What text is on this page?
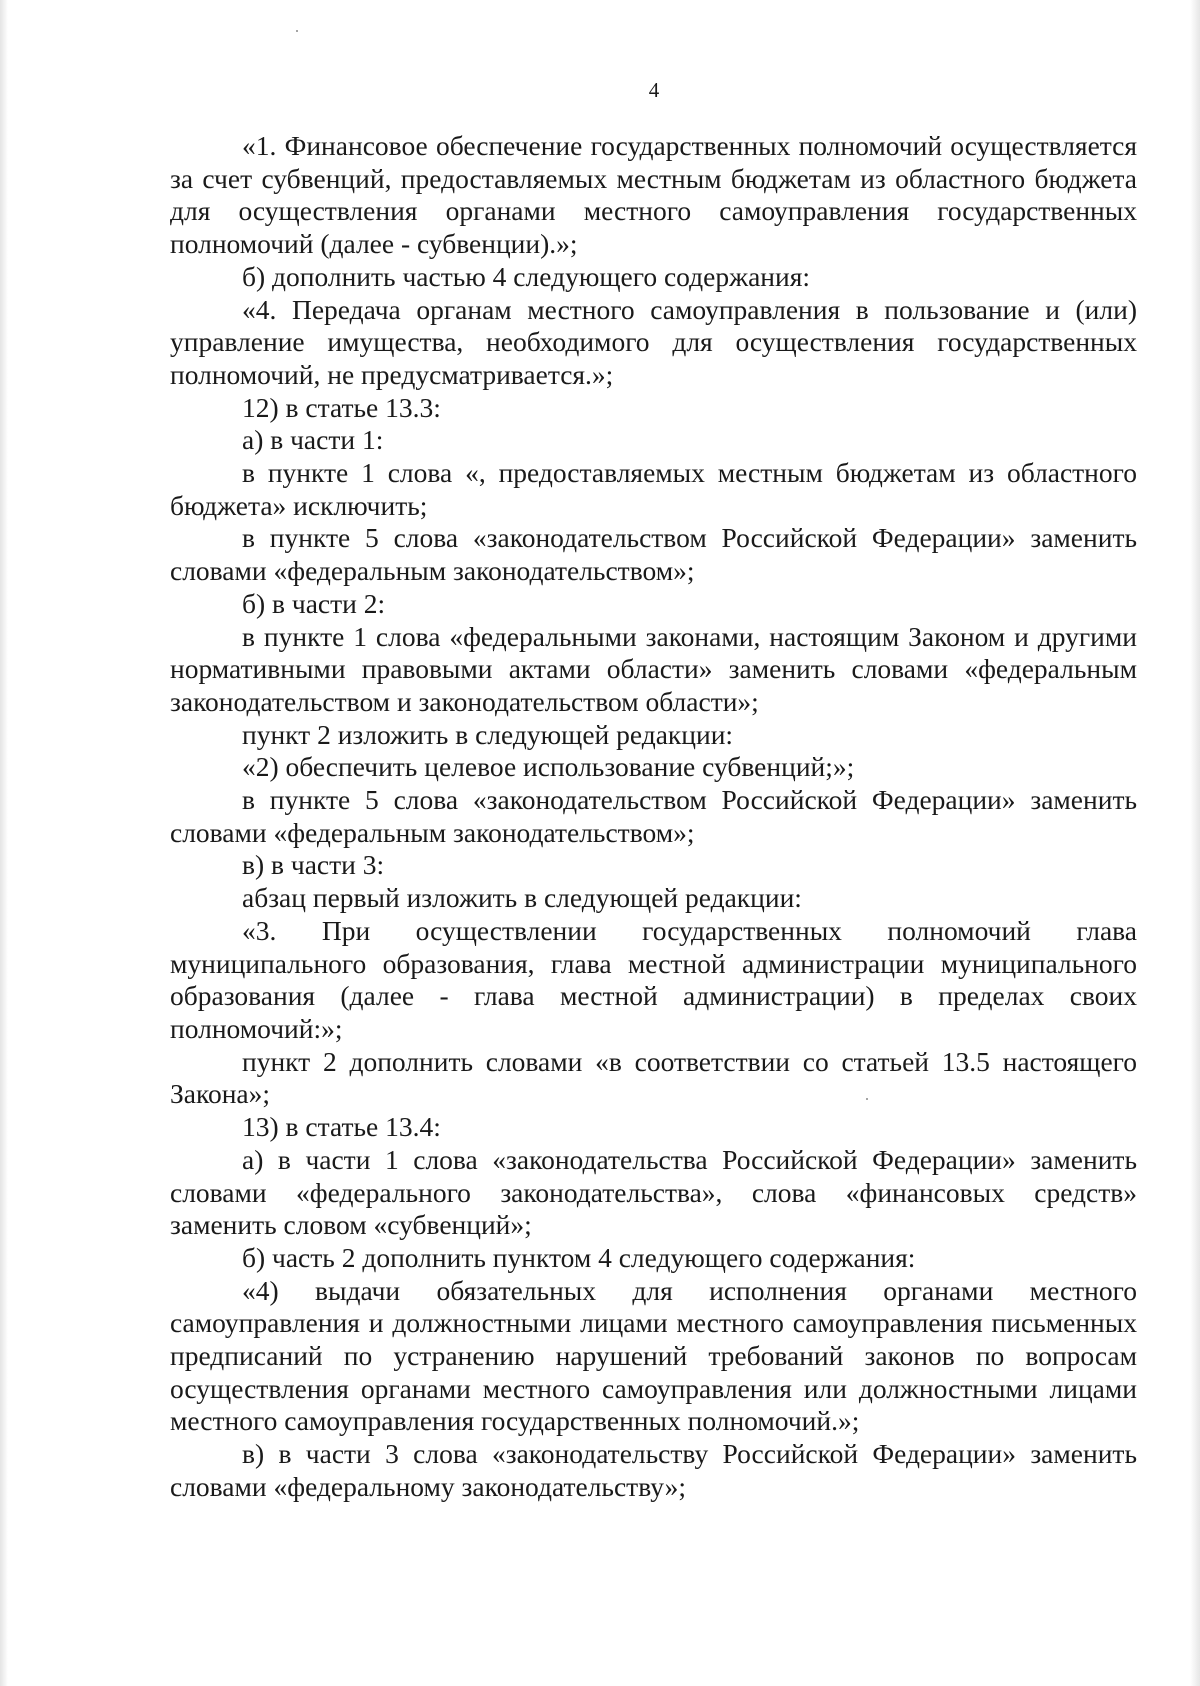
4

«1. Финансовое обеспечение государственных полномочий осуществляется за счет субвенций, предоставляемых местным бюджетам из областного бюджета для осуществления органами местного самоуправления государственных полномочий (далее - субвенции).»;

б) дополнить частью 4 следующего содержания:

«4. Передача органам местного самоуправления в пользование и (или) управление имущества, необходимого для осуществления государственных полномочий, не предусматривается.»;

12) в статье 13.3:

а) в части 1:

в пункте 1 слова «, предоставляемых местным бюджетам из областного бюджета» исключить;

в пункте 5 слова «законодательством Российской Федерации» заменить словами «федеральным законодательством»;

б) в части 2:

в пункте 1 слова «федеральными законами, настоящим Законом и другими нормативными правовыми актами области» заменить словами «федеральным законодательством и законодательством области»;

пункт 2 изложить в следующей редакции:

«2) обеспечить целевое использование субвенций;»;

в пункте 5 слова «законодательством Российской Федерации» заменить словами «федеральным законодательством»;

в) в части 3:

абзац первый изложить в следующей редакции:

«3. При осуществлении государственных полномочий глава муниципального образования, глава местной администрации муниципального образования (далее - глава местной администрации) в пределах своих полномочий:»;

пункт 2 дополнить словами «в соответствии со статьей 13.5 настоящего Закона»;

13) в статье 13.4:

а) в части 1 слова «законодательства Российской Федерации» заменить словами «федерального законодательства», слова «финансовых средств» заменить словом «субвенций»;

б) часть 2 дополнить пунктом 4 следующего содержания:

«4) выдачи обязательных для исполнения органами местного самоуправления и должностными лицами местного самоуправления письменных предписаний по устранению нарушений требований законов по вопросам осуществления органами местного самоуправления или должностными лицами местного самоуправления государственных полномочий.»;

в) в части 3 слова «законодательству Российской Федерации» заменить словами «федеральному законодательству»;
